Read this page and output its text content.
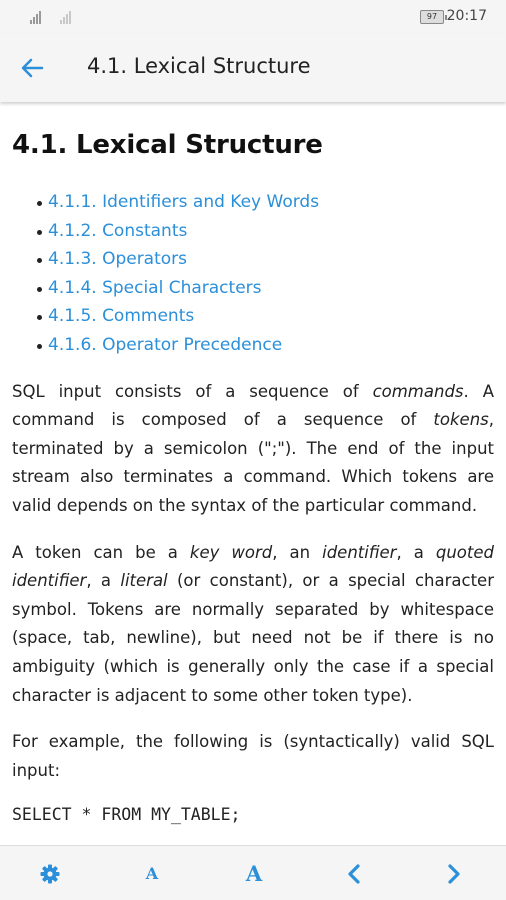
97 20:17
4.1. Lexical Structure
4.1. Lexical Structure
4.1.1. Identifiers and Key Words
4.1.2. Constants
4.1.3. Operators
4.1.4. Special Characters
4.1.5. Comments
4.1.6. Operator Precedence

SQL input consists of a sequence of commands. A command is composed of a sequence of tokens, terminated by a semicolon (";"). The end of the input stream also terminates a command. Which tokens are valid depends on the syntax of the particular command.

A token can be a key word, an identifier, a quoted identifier, a literal (or constant), or a special character symbol. Tokens are normally separated by whitespace (space, tab, newline), but need not be if there is no ambiguity (which is generally only the case if a special character is adjacent to some other token type).

For example, the following is (syntactically) valid SQL input:

SELECT * FROM MY_TABLE;
A	A
